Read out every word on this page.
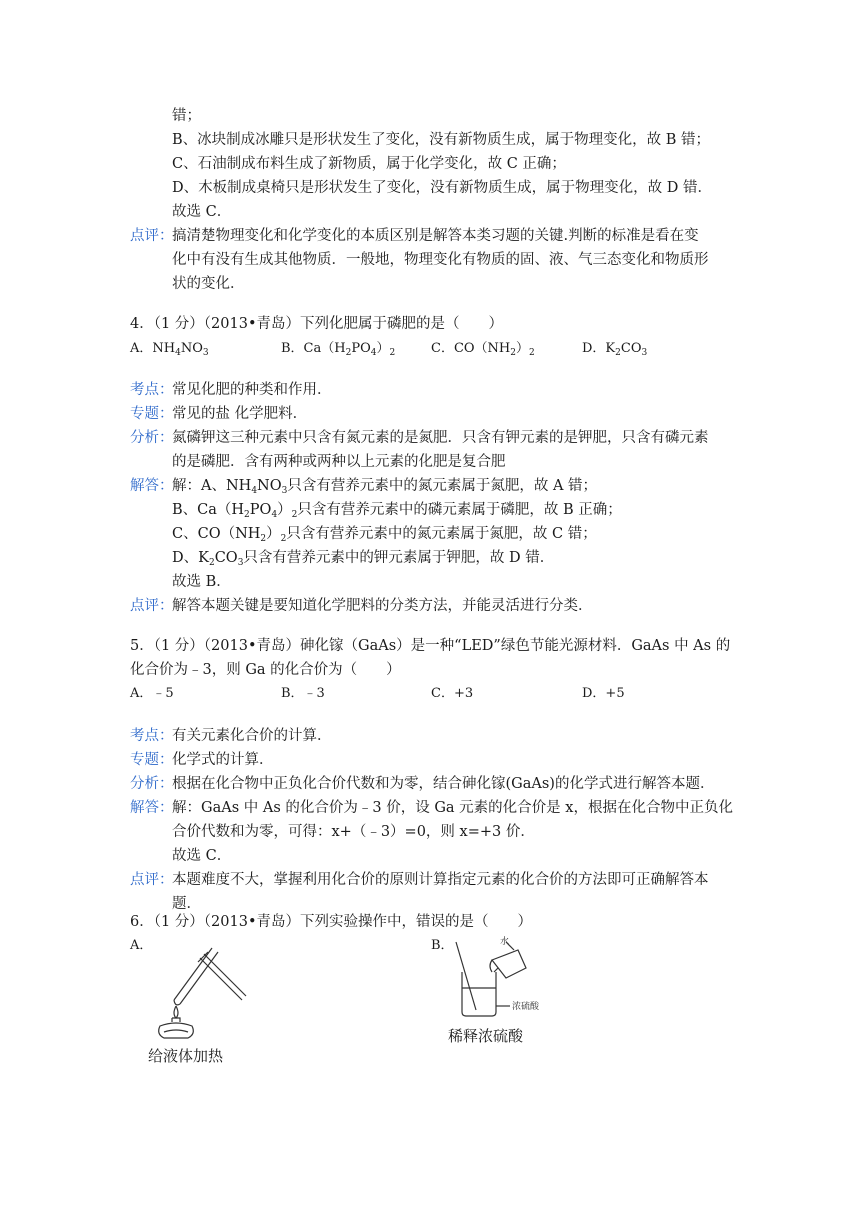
错；
B、冰块制成冰雕只是形状发生了变化，没有新物质生成，属于物理变化，故 B 错；
C、石油制成布料生成了新物质，属于化学变化，故 C 正确；
D、木板制成桌椅只是形状发生了变化，没有新物质生成，属于物理变化，故 D 错．
故选 C．
点评：
搞清楚物理变化和化学变化的本质区别是解答本类习题的关键.判断的标准是看在变
化中有没有生成其他物质．一般地，物理变化有物质的固、液、气三态变化和物质形
状的变化．
4．（1 分）（2013•青岛）下列化肥属于磷肥的是（　　）
A．$NH_4NO_3$	B．$Ca(H_2PO_4)_2$	C．$CO(NH_2)_2$	D．$K_2CO_3$
考点：
常见化肥的种类和作用．
专题：
常见的盐 化学肥料．
分析：
氮磷钾这三种元素中只含有氮元素的是氮肥．只含有钾元素的是钾肥，只含有磷元素
的是磷肥．含有两种或两种以上元素的化肥是复合肥
解答：
解：A、$NH_4NO_3$只含有营养元素中的氮元素属于氮肥，故 A 错；
B、$Ca(H_2PO_4)_2$只含有营养元素中的磷元素属于磷肥，故 B 正确；
C、$CO(NH_2)_2$只含有营养元素中的氮元素属于氮肥，故 C 错；
D、$K_2CO_3$只含有营养元素中的钾元素属于钾肥，故 D 错．
故选 B．
点评：
解答本题关键是要知道化学肥料的分类方法，并能灵活进行分类．
5．（1 分）（2013•青岛）砷化镓（GaAs）是一种“LED”绿色节能光源材料．GaAs 中 As 的
化合价为﹣3，则 Ga 的化合价为（　　）
A．﹣5	B．﹣3	C．+3	D．+5
考点：
有关元素化合价的计算．
专题：
化学式的计算．
分析：
根据在化合物中正负化合价代数和为零，结合砷化镓(GaAs)的化学式进行解答本题．
解答：
解：GaAs 中 As 的化合价为﹣3 价，设 Ga 元素的化合价是 x，根据在化合物中正负化
合价代数和为零，可得：x+（﹣3）=0，则 x=+3 价．
故选 C．
点评：
本题难度不大，掌握利用化合价的原则计算指定元素的化合价的方法即可正确解答本
题．
6．（1 分）（2013•青岛）下列实验操作中，错误的是（　　）
A．	B．
给液体加热
水
浓硫酸
稀释浓硫酸
